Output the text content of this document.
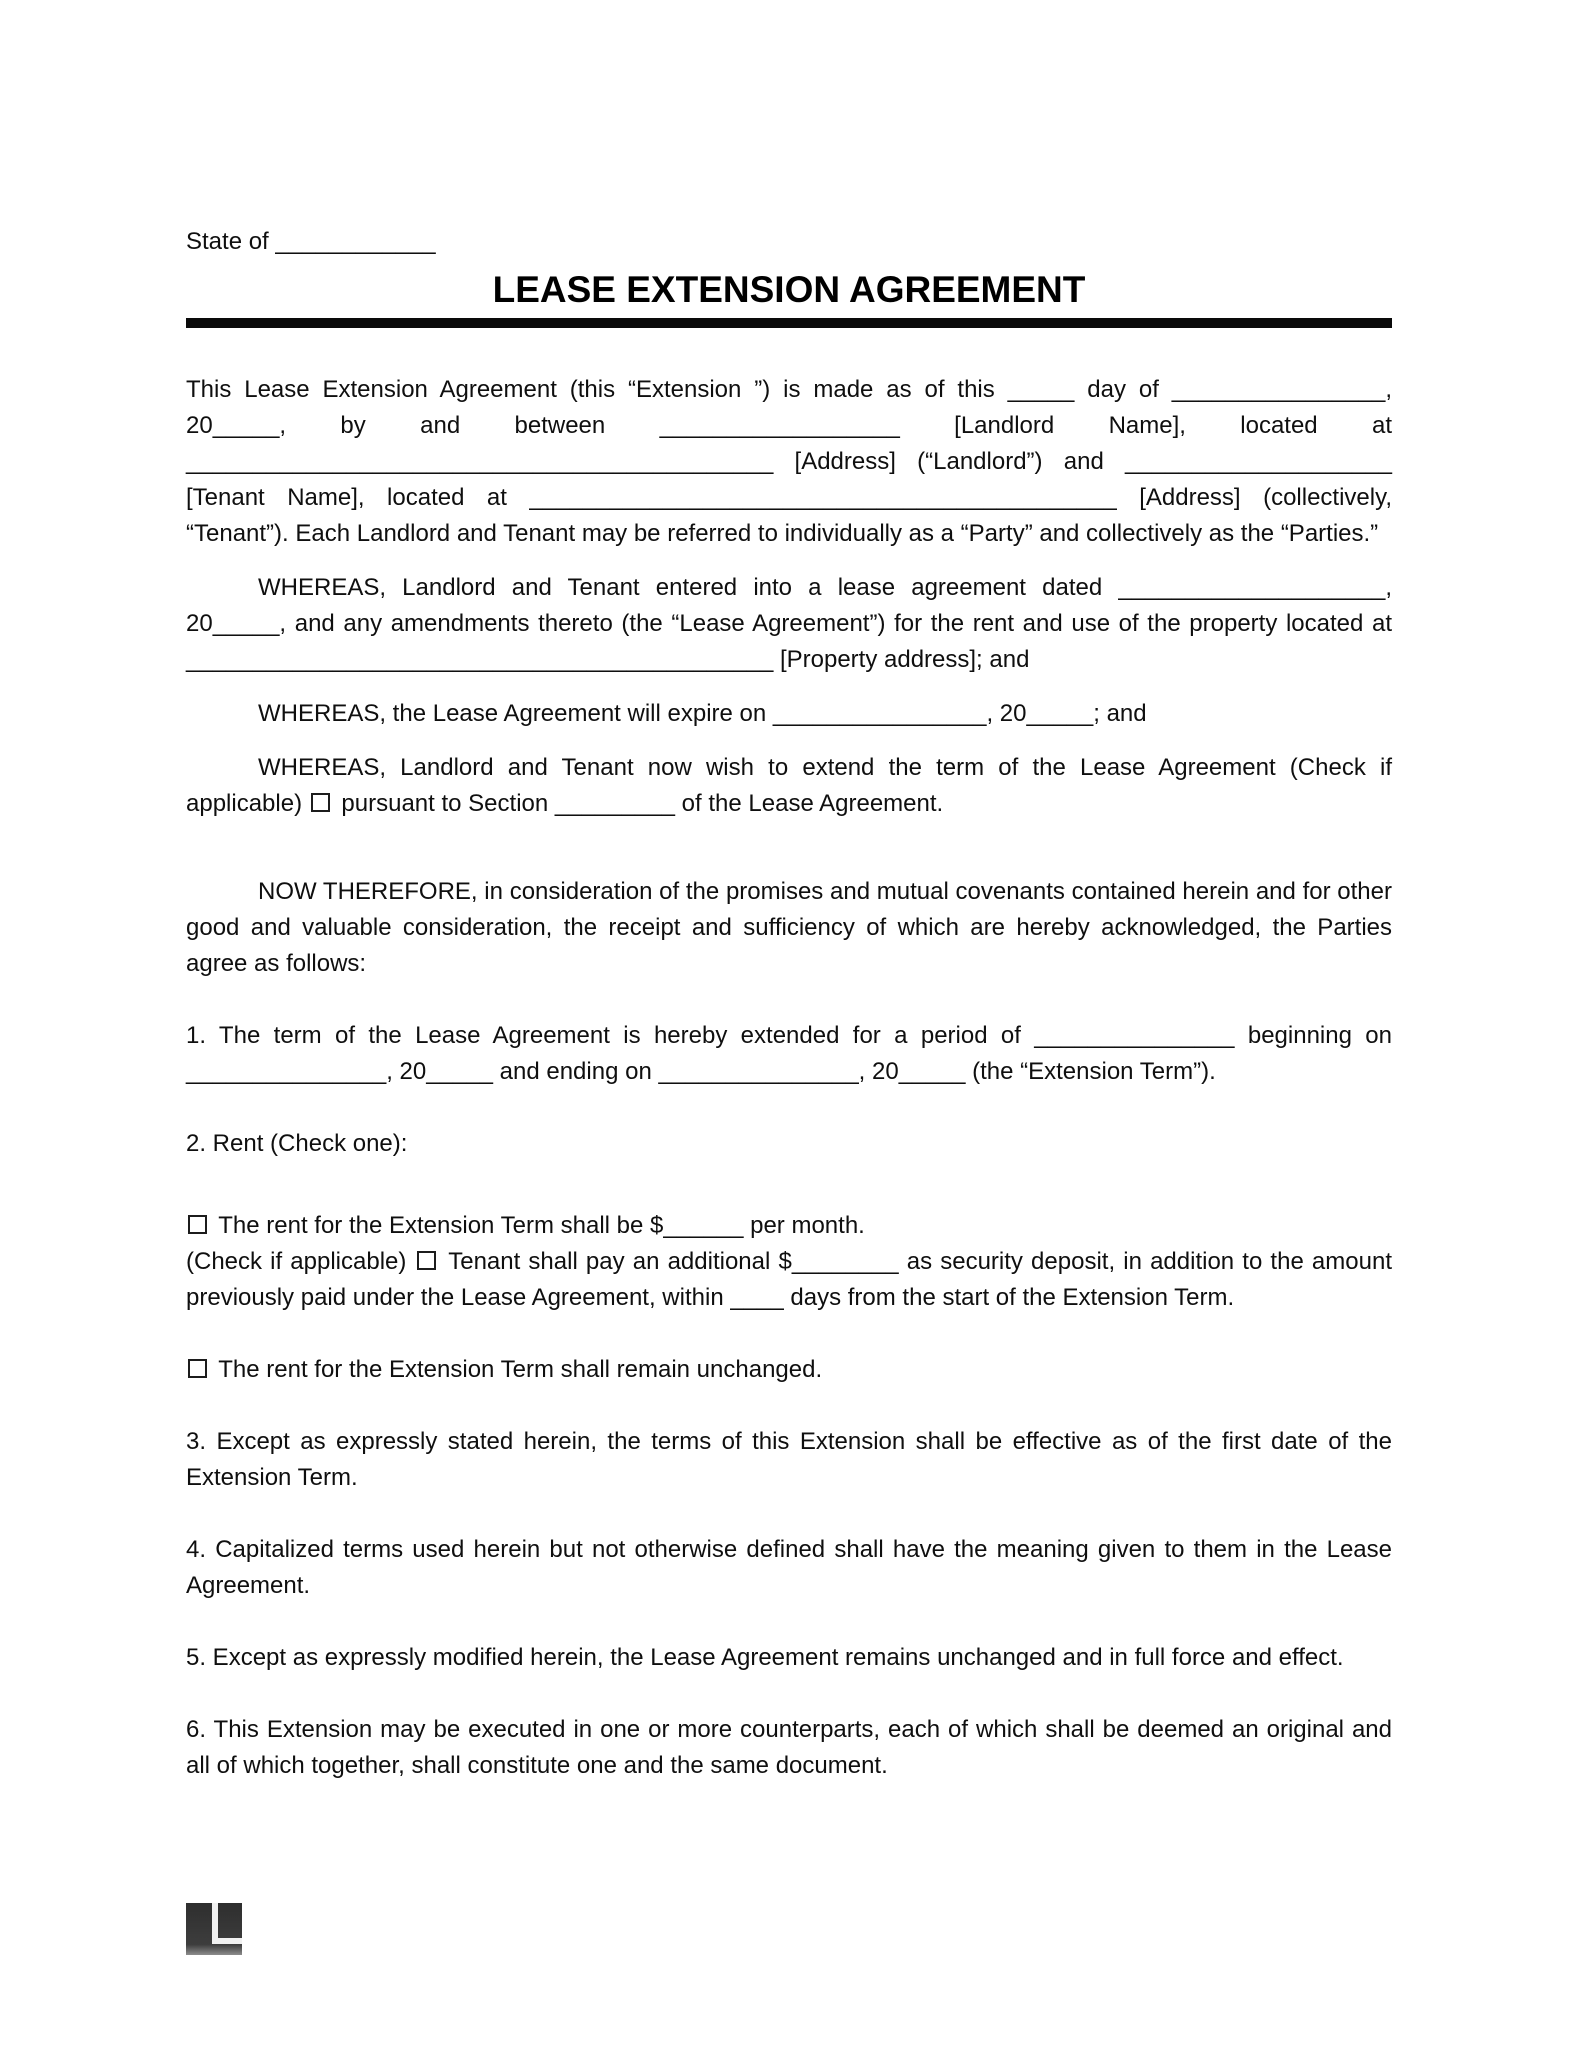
State of ____________
LEASE EXTENSION AGREEMENT

This Lease Extension Agreement (this “Extension ”) is made as of this _____ day of ________________, 20_____, by and between __________________ [Landlord Name], located at ____________________________________________ [Address] (“Landlord”) and ____________________ [Tenant Name], located at ____________________________________________ [Address] (collectively, “Tenant”). Each Landlord and Tenant may be referred to individually as a “Party” and collectively as the “Parties.”

WHEREAS, Landlord and Tenant entered into a lease agreement dated ____________________, 20_____, and any amendments thereto (the “Lease Agreement”) for the rent and use of the property located at ____________________________________________ [Property address]; and

WHEREAS, the Lease Agreement will expire on ________________, 20_____; and

WHEREAS, Landlord and Tenant now wish to extend the term of the Lease Agreement (Check if applicable)  pursuant to Section _________ of the Lease Agreement.

NOW THEREFORE, in consideration of the promises and mutual covenants contained herein and for other good and valuable consideration, the receipt and sufficiency of which are hereby acknowledged, the Parties agree as follows:

1. The term of the Lease Agreement is hereby extended for a period of _______________ beginning on _______________, 20_____ and ending on _______________, 20_____ (the “Extension Term”).

2. Rent (Check one):

The rent for the Extension Term shall be $______ per month.

(Check if applicable)  Tenant shall pay an additional $________ as security deposit, in addition to the amount previously paid under the Lease Agreement, within ____ days from the start of the Extension Term.

The rent for the Extension Term shall remain unchanged.

3. Except as expressly stated herein, the terms of this Extension shall be effective as of the first date of the Extension Term.

4. Capitalized terms used herein but not otherwise defined shall have the meaning given to them in the Lease Agreement.

5. Except as expressly modified herein, the Lease Agreement remains unchanged and in full force and effect.

6. This Extension may be executed in one or more counterparts, each of which shall be deemed an original and all of which together, shall constitute one and the same document.
